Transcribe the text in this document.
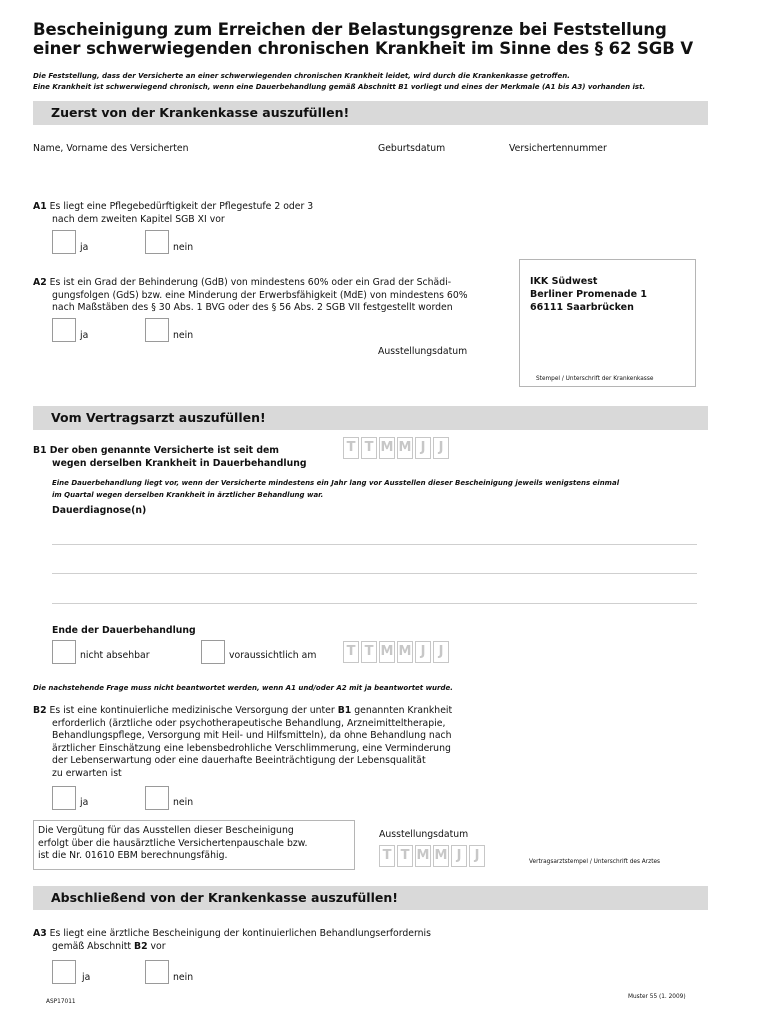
Bescheinigung zum Erreichen der Belastungsgrenze bei Feststellung
einer schwerwiegenden chronischen Krankheit im Sinne des § 62 SGB V
Die Feststellung, dass der Versicherte an einer schwerwiegenden chronischen Krankheit leidet, wird durch die Krankenkasse getroffen.
Eine Krankheit ist schwerwiegend chronisch, wenn eine Dauerbehandlung gemäß Abschnitt B1 vorliegt und eines der Merkmale (A1 bis A3) vorhanden ist.
Zuerst von der Krankenkasse auszufüllen!
Name, Vorname des Versicherten	Geburtsdatum	Versichertennummer
A1 Es liegt eine Pflegebedürftigkeit der Pflegestufe 2 oder 3
nach dem zweiten Kapitel SGB XI vor
ja	nein
A2 Es ist ein Grad der Behinderung (GdB) von mindestens 60% oder ein Grad der Schädi-
gungsfolgen (GdS) bzw. eine Minderung der Erwerbsfähigkeit (MdE) von mindestens 60%
nach Maßstäben des § 30 Abs. 1 BVG oder des § 56 Abs. 2 SGB VII festgestellt worden
ja	nein
Ausstellungsdatum
IKK Südwest
Berliner Promenade 1
66111 Saarbrücken
Stempel / Unterschrift der Krankenkasse
Vom Vertragsarzt auszufüllen!
B1 Der oben genannte Versicherte ist seit dem
wegen derselben Krankheit in Dauerbehandlung
T T M M J	J
Eine Dauerbehandlung liegt vor, wenn der Versicherte mindestens ein Jahr lang vor Ausstellen dieser Bescheinigung jeweils wenigstens einmal
im Quartal wegen derselben Krankheit in ärztlicher Behandlung war.
Dauerdiagnose(n)
Ende der Dauerbehandlung
nicht absehbar	voraussichtlich am T T M M J	J
Die nachstehende Frage muss nicht beantwortet werden, wenn A1 und/oder A2 mit ja beantwortet wurde.
B2 Es ist eine kontinuierliche medizinische Versorgung der unter B1 genannten Krankheit
erforderlich (ärztliche oder psychotherapeutische Behandlung, Arzneimitteltherapie,
Behandlungspflege, Versorgung mit Heil- und Hilfsmitteln), da ohne Behandlung nach
ärztlicher Einschätzung eine lebensbedrohliche Verschlimmerung, eine Verminderung
der Lebenserwartung oder eine dauerhafte Beeinträchtigung der Lebensqualität
zu erwarten ist
ja	nein
Die Vergütung für das Ausstellen dieser Bescheinigung
erfolgt über die hausärztliche Versichertenpauschale bzw.
ist die Nr. 01610 EBM berechnungsfähig.
Ausstellungsdatum
T T M M J	J	Vertragsarztstempel / Unterschrift des Arztes
Abschließend von der Krankenkasse auszufüllen!
A3 Es liegt eine ärztliche Bescheinigung der kontinuierlichen Behandlungserfordernis
gemäß Abschnitt B2 vor
ja	nein
ASP17011
Muster 55 (1. 2009)
